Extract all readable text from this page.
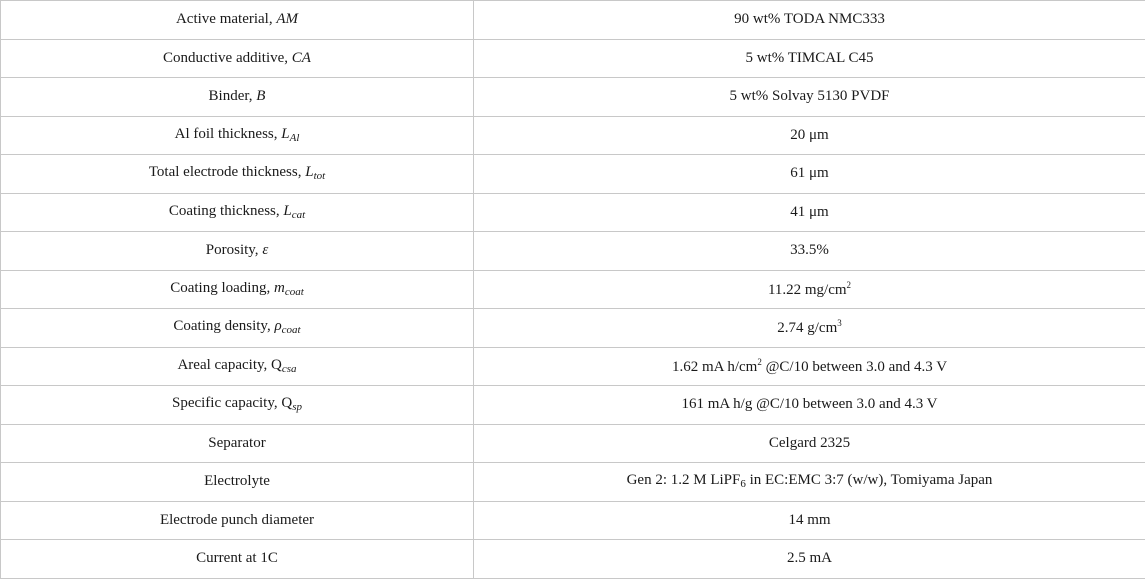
Active material, AM	90 wt% TODA NMC333
Conductive additive, CA	5 wt% TIMCAL C45
Binder, B	5 wt% Solvay 5130 PVDF
Al foil thickness, $L_{Al}$	20 μm
Total electrode thickness, $L_{tot}$	61 μm
Coating thickness, $L_{cat}$	41 μm
Porosity, ε	33.5%
Coating loading, $m_{coat}$	11.22 $mg/cm^2$
Coating density, $\rho_{coat}$	2.74 $g/cm^3$
Areal capacity, $Q_{csa}$	1.62 mA $h/cm^2$ @C/10 between 3.0 and 4.3 V
Specific capacity, $Q_{sp}$	161 mA h/g @C/10 between 3.0 and 4.3 V
Separator	Celgard 2325
Electrolyte	Gen 2: 1.2 M LiPF$_6$ in EC:EMC 3:7 (w/w), Tomiyama Japan
Electrode punch diameter	14 mm
Current at 1C	2.5 mA
